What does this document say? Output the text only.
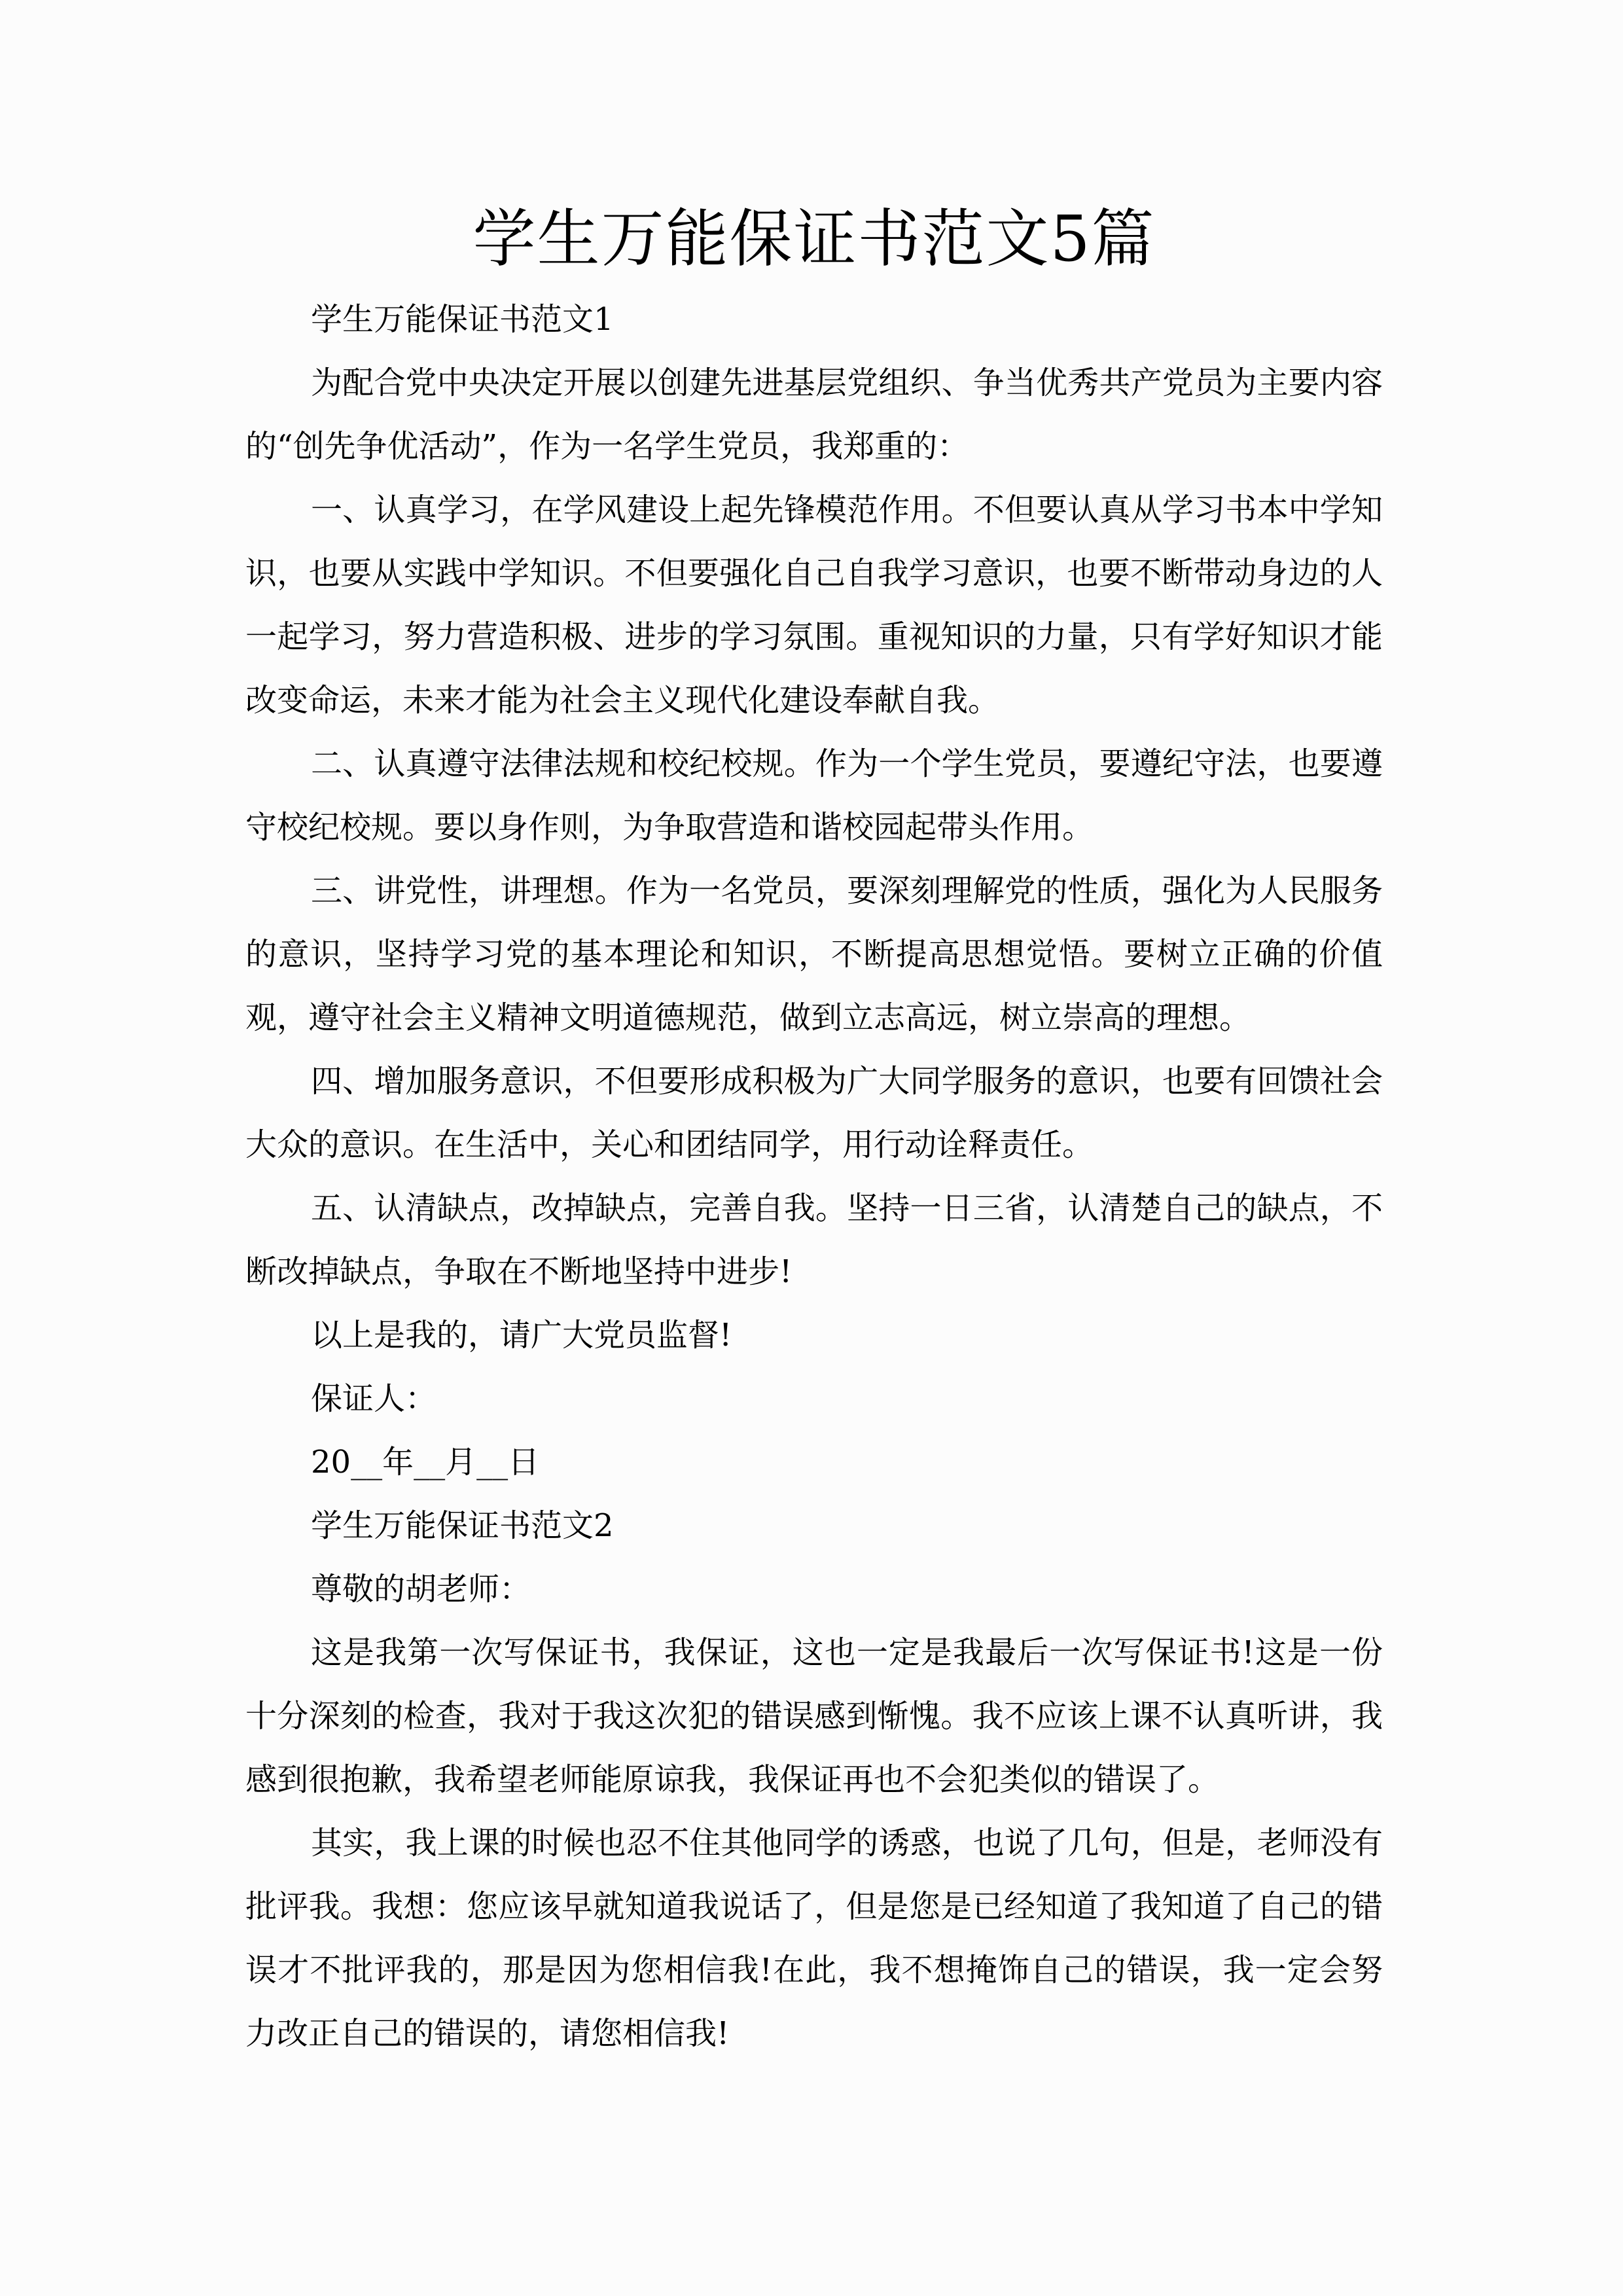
学生万能保证书范文5篇

学生万能保证书范文1

为配合党中央决定开展以创建先进基层党组织、争当优秀共产党员为主要内容的“创先争优活动”，作为一名学生党员，我郑重的：

一、认真学习，在学风建设上起先锋模范作用。不但要认真从学习书本中学知识，也要从实践中学知识。不但要强化自己自我学习意识，也要不断带动身边的人一起学习，努力营造积极、进步的学习氛围。重视知识的力量，只有学好知识才能改变命运，未来才能为社会主义现代化建设奉献自我。

二、认真遵守法律法规和校纪校规。作为一个学生党员，要遵纪守法，也要遵守校纪校规。要以身作则，为争取营造和谐校园起带头作用。

三、讲党性，讲理想。作为一名党员，要深刻理解党的性质，强化为人民服务的意识，坚持学习党的基本理论和知识，不断提高思想觉悟。要树立正确的价值观，遵守社会主义精神文明道德规范，做到立志高远，树立崇高的理想。

四、增加服务意识，不但要形成积极为广大同学服务的意识，也要有回馈社会大众的意识。在生活中，关心和团结同学，用行动诠释责任。

五、认清缺点，改掉缺点，完善自我。坚持一日三省，认清楚自己的缺点，不断改掉缺点，争取在不断地坚持中进步!

以上是我的，请广大党员监督!

保证人：

20__年__月__日

学生万能保证书范文2

尊敬的胡老师：

这是我第一次写保证书，我保证，这也一定是我最后一次写保证书!这是一份十分深刻的检查，我对于我这次犯的错误感到惭愧。我不应该上课不认真听讲，我感到很抱歉，我希望老师能原谅我，我保证再也不会犯类似的错误了。

其实，我上课的时候也忍不住其他同学的诱惑，也说了几句，但是，老师没有批评我。我想：您应该早就知道我说话了，但是您是已经知道了我知道了自己的错误才不批评我的，那是因为您相信我!在此，我不想掩饰自己的错误，我一定会努力改正自己的错误的，请您相信我!
